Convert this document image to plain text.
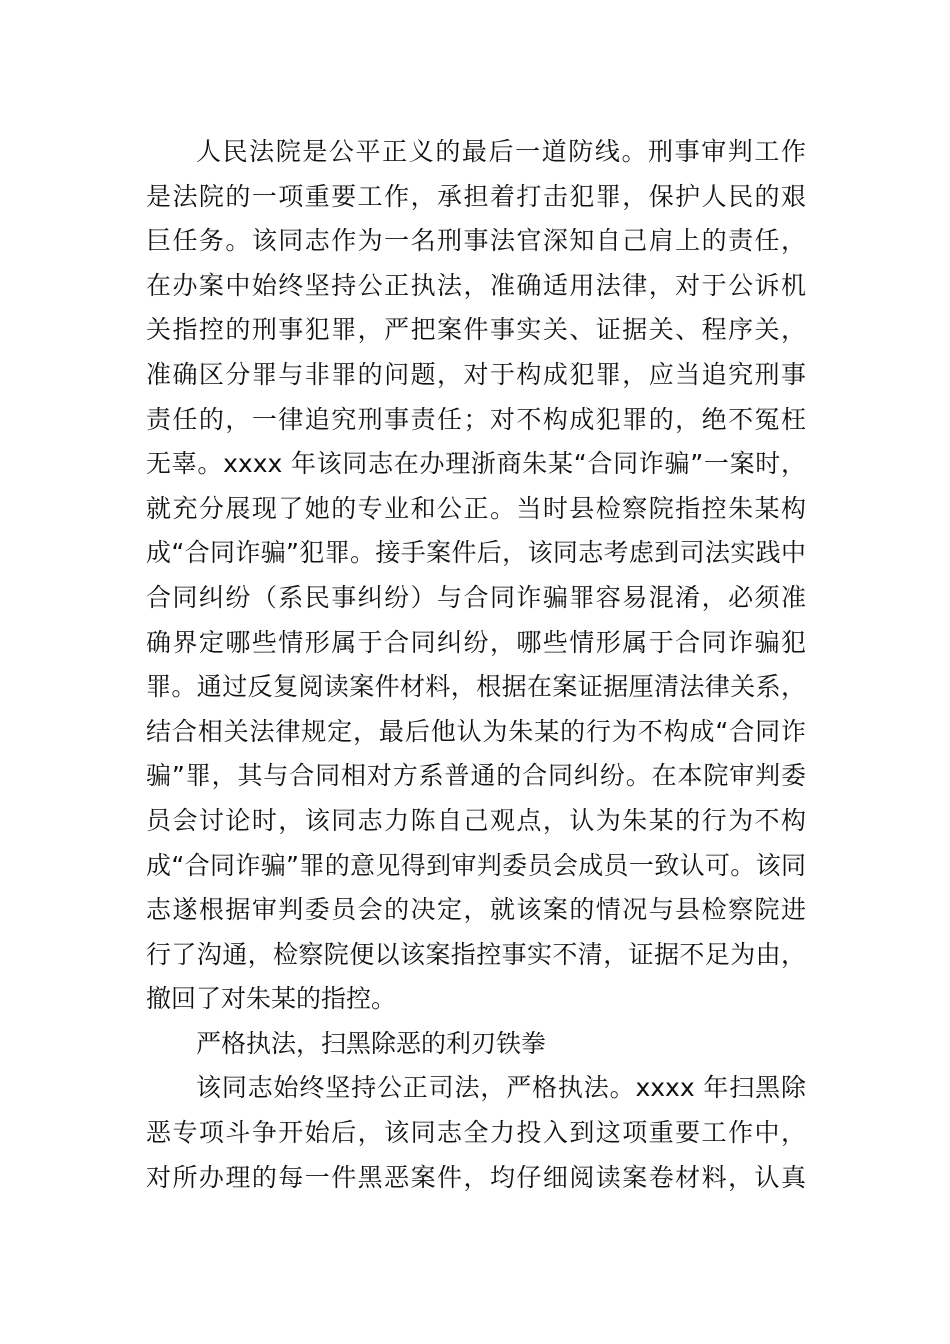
人民法院是公平正义的最后一道防线。刑事审判工作
是法院的一项重要工作，承担着打击犯罪，保护人民的艰
巨任务。该同志作为一名刑事法官深知自己肩上的责任，
在办案中始终坚持公正执法，准确适用法律，对于公诉机
关指控的刑事犯罪，严把案件事实关、证据关、程序关，
准确区分罪与非罪的问题，对于构成犯罪，应当追究刑事
责任的，一律追究刑事责任；对不构成犯罪的，绝不冤枉
无辜。xxxx 年该同志在办理浙商朱某“合同诈骗”一案时，
就充分展现了她的专业和公正。当时县检察院指控朱某构
成“合同诈骗”犯罪。接手案件后，该同志考虑到司法实践中
合同纠纷（系民事纠纷）与合同诈骗罪容易混淆，必须准
确界定哪些情形属于合同纠纷，哪些情形属于合同诈骗犯
罪。通过反复阅读案件材料，根据在案证据厘清法律关系，
结合相关法律规定，最后他认为朱某的行为不构成“合同诈
骗”罪，其与合同相对方系普通的合同纠纷。在本院审判委
员会讨论时，该同志力陈自己观点，认为朱某的行为不构
成“合同诈骗”罪的意见得到审判委员会成员一致认可。该同
志遂根据审判委员会的决定，就该案的情况与县检察院进
行了沟通，检察院便以该案指控事实不清，证据不足为由，
撤回了对朱某的指控。
严格执法，扫黑除恶的利刃铁拳
该同志始终坚持公正司法，严格执法。xxxx 年扫黑除
恶专项斗争开始后，该同志全力投入到这项重要工作中，
对所办理的每一件黑恶案件，均仔细阅读案卷材料，认真
